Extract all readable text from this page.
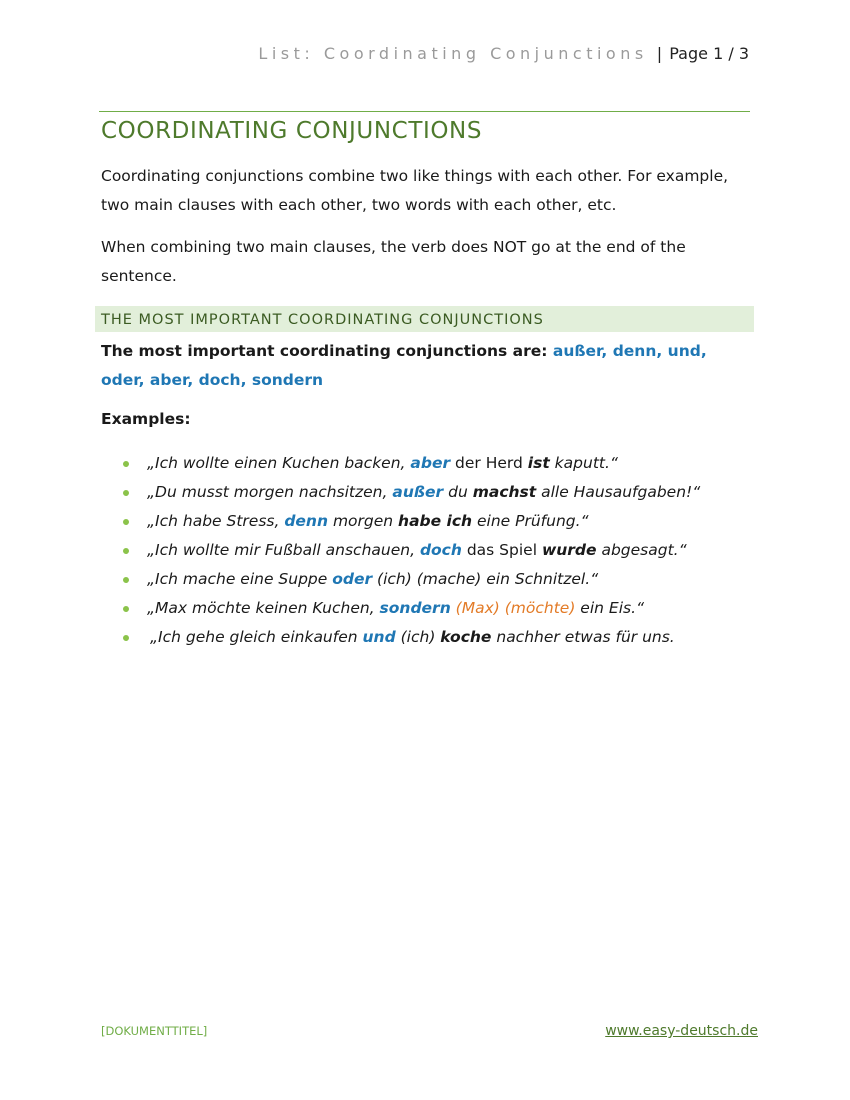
List: Coordinating Conjunctions | Page 1 / 3
COORDINATING CONJUNCTIONS

Coordinating conjunctions combine two like things with each other. For example, two main clauses with each other, two words with each other, etc.

When combining two main clauses, the verb does NOT go at the end of the sentence.

THE MOST IMPORTANT COORDINATING CONJUNCTIONS
The most important coordinating conjunctions are: außer, denn, und, oder, aber, doch, sondern
Examples:
„Ich wollte einen Kuchen backen, aber der Herd ist kaputt.“
„Du musst morgen nachsitzen, außer du machst alle Hausaufgaben!“
„Ich habe Stress, denn morgen habe ich eine Prüfung.“
„Ich wollte mir Fußball anschauen, doch das Spiel wurde abgesagt.“
„Ich mache eine Suppe oder (ich) (mache) ein Schnitzel.“
„Max möchte keinen Kuchen, sondern (Max) (möchte) ein Eis.“
„Ich gehe gleich einkaufen und (ich) koche nachher etwas für uns.
[DOKUMENTTITEL]	www.easy-deutsch.de
